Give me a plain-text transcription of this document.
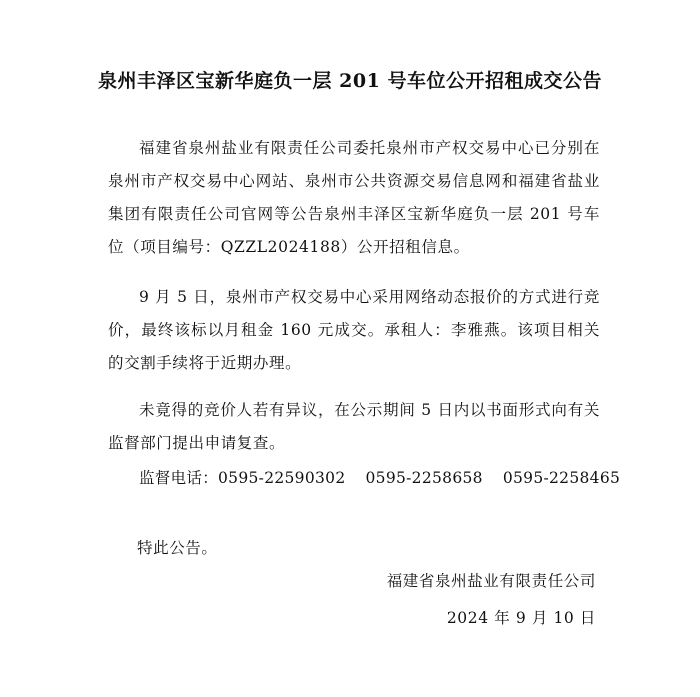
泉州丰泽区宝新华庭负一层 201 号车位公开招租成交公告

福建省泉州盐业有限责任公司委托泉州市产权交易中心已分别在泉州市产权交易中心网站、泉州市公共资源交易信息网和福建省盐业集团有限责任公司官网等公告泉州丰泽区宝新华庭负一层 201 号车位（项目编号：QZZL2024188）公开招租信息。

9 月 5 日，泉州市产权交易中心采用网络动态报价的方式进行竞价，最终该标以月租金 160 元成交。承租人：李雅燕。该项目相关的交割手续将于近期办理。

未竟得的竞价人若有异议，在公示期间 5 日内以书面形式向有关监督部门提出申请复查。

监督电话：0595-22590302 0595-2258658 0595-2258465
特此公告。
福建省泉州盐业有限责任公司
2024 年 9 月 10 日
